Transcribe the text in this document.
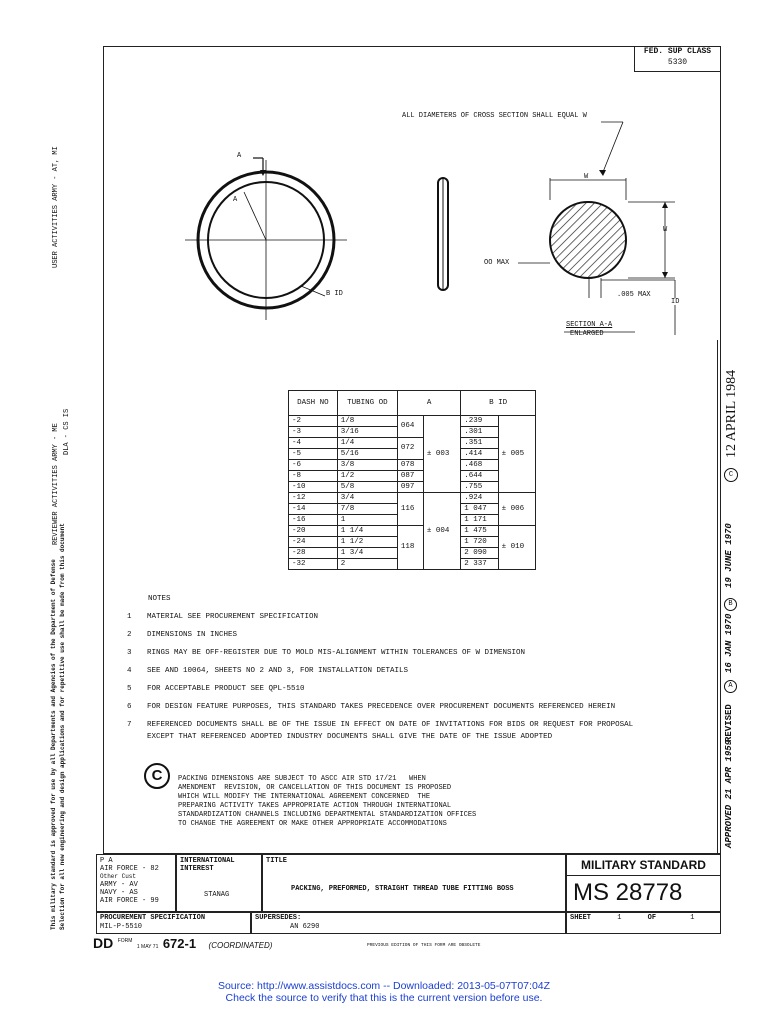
USER ACTIVITIES ARMY - AT, MI
REVIEWER ACTIVITIES ARMY - ME DLA - CS IS
This military standard is approved for use by all Departments and Agencies of the Department of Defense Selection for all new engineering and design applications and for repetitive use shall be made from this document
FED. SUP CLASS
5330
ALL DIAMETERS OF CROSS SECTION SHALL EQUAL W
A
A
B ID
W
W
OO MAX
.005 MAX
ID
SECTION A-A
ENLARGED
DASH NO	TUBING OD	A		B ID	
-2	1/8	064	± 003	.239	± 005
-3	3/16			.301	
-4	1/4	072		.351	
-5	5/16			.414	
-6	3/8	078		.468	
-8	1/2	087		.644	
-10	5/8	097		.755	
-12	3/4	116	± 004	.924	± 006
-14	7/8			1 047	
-16	1			1 171	
-20	1 1/4	118		1 475	± 010
-24	1 1/2			1 720	
-28	1 3/4			2 090	
-32	2			2 337	
NOTES
1	MATERIAL SEE PROCUREMENT SPECIFICATION
2	DIMENSIONS IN INCHES
3	RINGS MAY BE OFF-REGISTER DUE TO MOLD MIS-ALIGNMENT WITHIN TOLERANCES OF W DIMENSION
4	SEE AND 10064, SHEETS NO 2 AND 3, FOR INSTALLATION DETAILS
5	FOR ACCEPTABLE PRODUCT SEE QPL-5510
6	FOR DESIGN FEATURE PURPOSES, THIS STANDARD TAKES PRECEDENCE OVER PROCUREMENT DOCUMENTS REFERENCED HEREIN
7	REFERENCED DOCUMENTS SHALL BE OF THE ISSUE IN EFFECT ON DATE OF INVITATIONS FOR BIDS OR REQUEST FOR PROPOSAL
EXCEPT THAT REFERENCED ADOPTED INDUSTRY DOCUMENTS SHALL GIVE THE DATE OF THE ISSUE ADOPTED
C	PACKING DIMENSIONS ARE SUBJECT TO ASCC AIR STD 17/21   WHEN
AMENDMENT  REVISION, OR CANCELLATION OF THIS DOCUMENT IS PROPOSED
WHICH WILL MODIFY THE INTERNATIONAL AGREEMENT CONCERNED  THE
PREPARING ACTIVITY TAKES APPROPRIATE ACTION THROUGH INTERNATIONAL
STANDARDIZATION CHANNELS INCLUDING DEPARTMENTAL STANDARDIZATION OFFICES
TO CHANGE THE AGREEMENT OR MAKE OTHER APPROPRIATE ACCOMMODATIONS	APPROVED 21 APR 1959
REVISED
A
16 JAN 1970
B
19 JUNE 1970
C
12 APRIL 1984
P A
AIR FORCE - 82
Other Cust
ARMY - AV
NAVY - AS
AIR FORCE - 99
INTERNATIONAL INTEREST
STANAG
TITLE
PACKING, PREFORMED, STRAIGHT THREAD TUBE FITTING BOSS
MILITARY STANDARD
MS 28778
PROCUREMENT SPECIFICATION
MIL-P-5510
SUPERSEDES:
AN 6290
SHEET	1	OF	1
DD $^{FORM}$ 1 MAY 71 672-1 (COORDINATED)	PREVIOUS EDITION OF THIS FORM ARE OBSOLETE
Source: http://www.assistdocs.com -- Downloaded: 2013-05-07T07:04Z
Check the source to verify that this is the current version before use.
